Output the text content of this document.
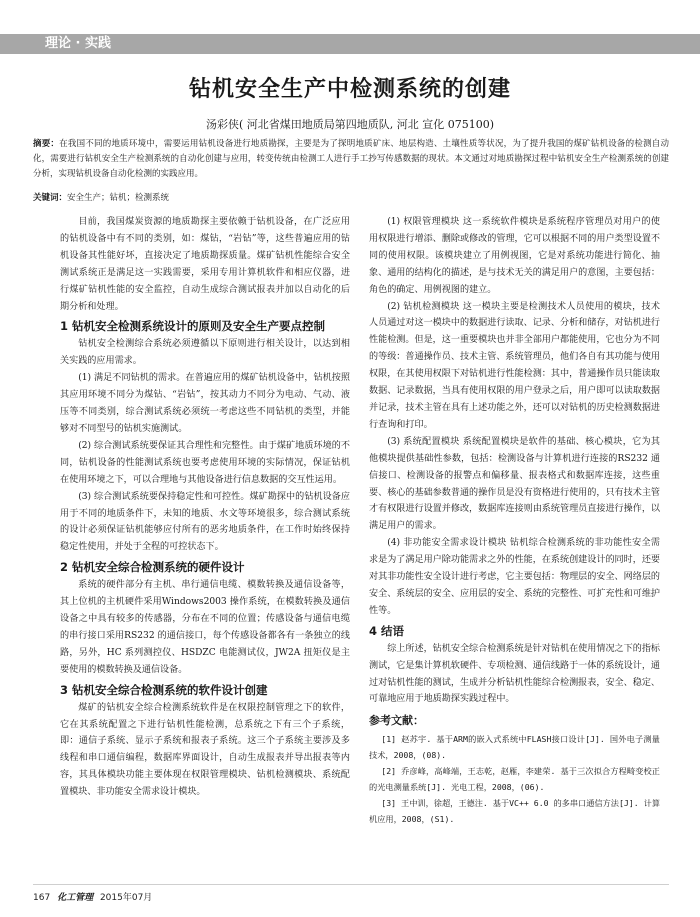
理论 · 实践
钻机安全生产中检测系统的创建
汤彩侠( 河北省煤田地质局第四地质队, 河北 宣化 075100)
摘要：在我国不同的地质环境中，需要运用钻机设备进行地质勘探，主要是为了探明地质矿床、地层构造、土壤性质等状况，为了提升我国的煤矿钻机设备的检测自动化，需要进行钻机安全生产检测系统的自动化创建与应用，转变传统由检测工人进行手工抄写传感数据的现状。本文通过对地质勘探过程中钻机安全生产检测系统的创建分析，实现钻机设备自动化检测的实践应用。
关键词：安全生产；钻机；检测系统

目前，我国煤炭资源的地质勘探主要依赖于钻机设备，在广泛应用的钻机设备中有不同的类别，如：煤钻，“岩钻”等，这些普遍应用的钻机设备其性能好坏，直接决定了地质勘探质量。煤矿钻机性能综合安全测试系统正是满足这一实践需要，采用专用计算机软件和相应仪器，进行煤矿钻机性能的安全监控，自动生成综合测试报表并加以自动化的后期分析和处理。

1 钻机安全检测系统设计的原则及安全生产要点控制

钻机安全检测综合系统必须遵循以下原则进行相关设计，以达到相关实践的应用需求。

(1) 满足不同钻机的需求。在普遍应用的煤矿钻机设备中，钻机按照其应用环境不同分为煤钻、“岩钻”，按其动力不同分为电动、气动、液压等不同类别，综合测试系统必须统一考虑这些不同钻机的类型，并能够对不同型号的钻机实施测试。

(2) 综合测试系统要保证其合理性和完整性。由于煤矿地质环境的不同，钻机设备的性能测试系统也要考虑使用环境的实际情况，保证钻机在使用环境之下，可以合理地与其他设备进行信息数据的交互性运用。

(3) 综合测试系统要保持稳定性和可控性。煤矿勘探中的钻机设备应用于不同的地质条件下，未知的地质、水文等环境很多，综合测试系统的设计必须保证钻机能够应付所有的恶劣地质条件，在工作时始终保持稳定性使用，并处于全程的可控状态下。

2 钻机安全综合检测系统的硬件设计

系统的硬件部分有主机、串行通信电缆、模数转换及通信设备等，其上位机的主机硬件采用Windows2003 操作系统，在模数转换及通信设备之中具有较多的传感器，分布在不同的位置；传感设备与通信电缆的串行接口采用RS232 的通信接口，每个传感设备都各有一条独立的线路，另外，HC 系列测控仪、HSDZC 电能测试仪，JW2A 扭矩仪是主要使用的模数转换及通信设备。

3 钻机安全综合检测系统的软件设计创建

煤矿的钻机安全综合检测系统软件是在权限控制管理之下的软件，它在其系统配置之下进行钻机性能检测，总系统之下有三个子系统，即：通信子系统、显示子系统和报表子系统。这三个子系统主要涉及多线程和串口通信编程，数据库界面设计，自动生成报表并导出报表等内容，其具体模块功能主要体现在权限管理模块、钻机检测模块、系统配置模块、非功能安全需求设计模块。

(1) 权限管理模块 这一系统软件模块是系统程序管理员对用户的使用权限进行增添、删除或修改的管理，它可以根据不同的用户类型设置不同的使用权限。该模块建立了用例视图，它是对系统功能进行简化、抽象、通用的结构化的描述，是与技术无关的满足用户的意图，主要包括：角色的确定、用例视图的建立。

(2) 钻机检测模块 这一模块主要是检测技术人员使用的模块，技术人员通过对这一模块中的数据进行读取、记录、分析和储存，对钻机进行性能检测。但是，这一重要模块也并非全部用户都能使用，它也分为不同的等级：普通操作员、技术主管、系统管理员，他们各自有其功能与使用权限，在其使用权限下对钻机进行性能检测：其中，普通操作员只能读取数据、记录数据，当具有使用权限的用户登录之后，用户即可以读取数据并记录，技术主管在具有上述功能之外，还可以对钻机的历史检测数据进行查询和打印。

(3) 系统配置模块 系统配置模块是软件的基础、核心模块，它为其他模块提供基础性参数，包括：检测设备与计算机进行连接的RS232 通信接口、检测设备的报警点和偏移量、报表格式和数据库连接，这些重要、核心的基础参数普通的操作员是没有资格进行使用的，只有技术主管才有权限进行设置并修改，数据库连接则由系统管理员直接进行操作，以满足用户的需求。

(4) 非功能安全需求设计模块 钻机综合检测系统的非功能性安全需求是为了满足用户除功能需求之外的性能，在系统创建设计的同时，还要对其非功能性安全设计进行考虑，它主要包括：物理层的安全、网络层的安全、系统层的安全、应用层的安全、系统的完整性、可扩充性和可维护性等。

4 结语

综上所述，钻机安全综合检测系统是针对钻机在使用情况之下的指标测试，它是集计算机软硬件、专项检测、通信线路于一体的系统设计，通过对钻机性能的测试，生成并分析钻机性能综合检测报表，安全、稳定、可靠地应用于地质勘探实践过程中。

参考文献：
[1] 赵苏宇. 基于ARM的嵌入式系统中FLASH接口设计[J]. 国外电子测量技术，2008，(08).
[2] 乔彦峰，高峰端，王志乾，赵雁，李建荣. 基于三次拟合方程畸变校正的光电测量系统[J]. 光电工程，2008，(06).
[3] 王中训，徐超，王德注. 基于VC++ 6.0 的多串口通信方法[J]. 计算机应用，2008，(S1).
167 化工管理 2015年07月
